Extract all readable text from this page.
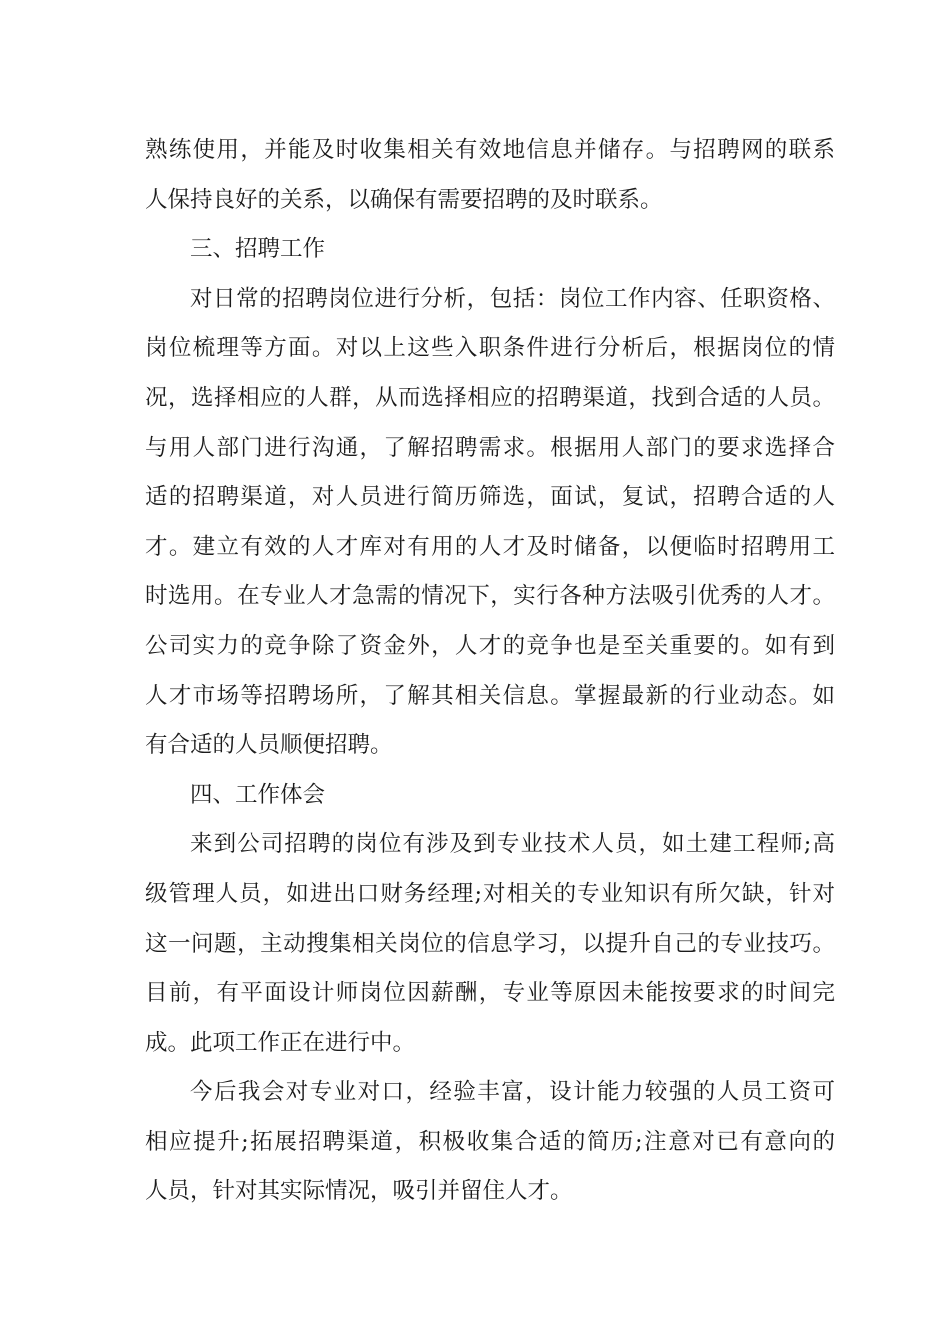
熟练使用，并能及时收集相关有效地信息并储存。与招聘网的联系
人保持良好的关系，以确保有需要招聘的及时联系。
三、招聘工作
对日常的招聘岗位进行分析，包括：岗位工作内容、任职资格、
岗位梳理等方面。对以上这些入职条件进行分析后，根据岗位的情
况，选择相应的人群，从而选择相应的招聘渠道，找到合适的人员。
与用人部门进行沟通，了解招聘需求。根据用人部门的要求选择合
适的招聘渠道，对人员进行简历筛选，面试，复试，招聘合适的人
才。建立有效的人才库对有用的人才及时储备，以便临时招聘用工
时选用。在专业人才急需的情况下，实行各种方法吸引优秀的人才。
公司实力的竞争除了资金外，人才的竞争也是至关重要的。如有到
人才市场等招聘场所，了解其相关信息。掌握最新的行业动态。如
有合适的人员顺便招聘。
四、工作体会
来到公司招聘的岗位有涉及到专业技术人员，如土建工程师;高
级管理人员，如进出口财务经理;对相关的专业知识有所欠缺，针对
这一问题，主动搜集相关岗位的信息学习，以提升自己的专业技巧。
目前，有平面设计师岗位因薪酬，专业等原因未能按要求的时间完
成。此项工作正在进行中。
今后我会对专业对口，经验丰富，设计能力较强的人员工资可
相应提升;拓展招聘渠道，积极收集合适的简历;注意对已有意向的
人员，针对其实际情况，吸引并留住人才。
